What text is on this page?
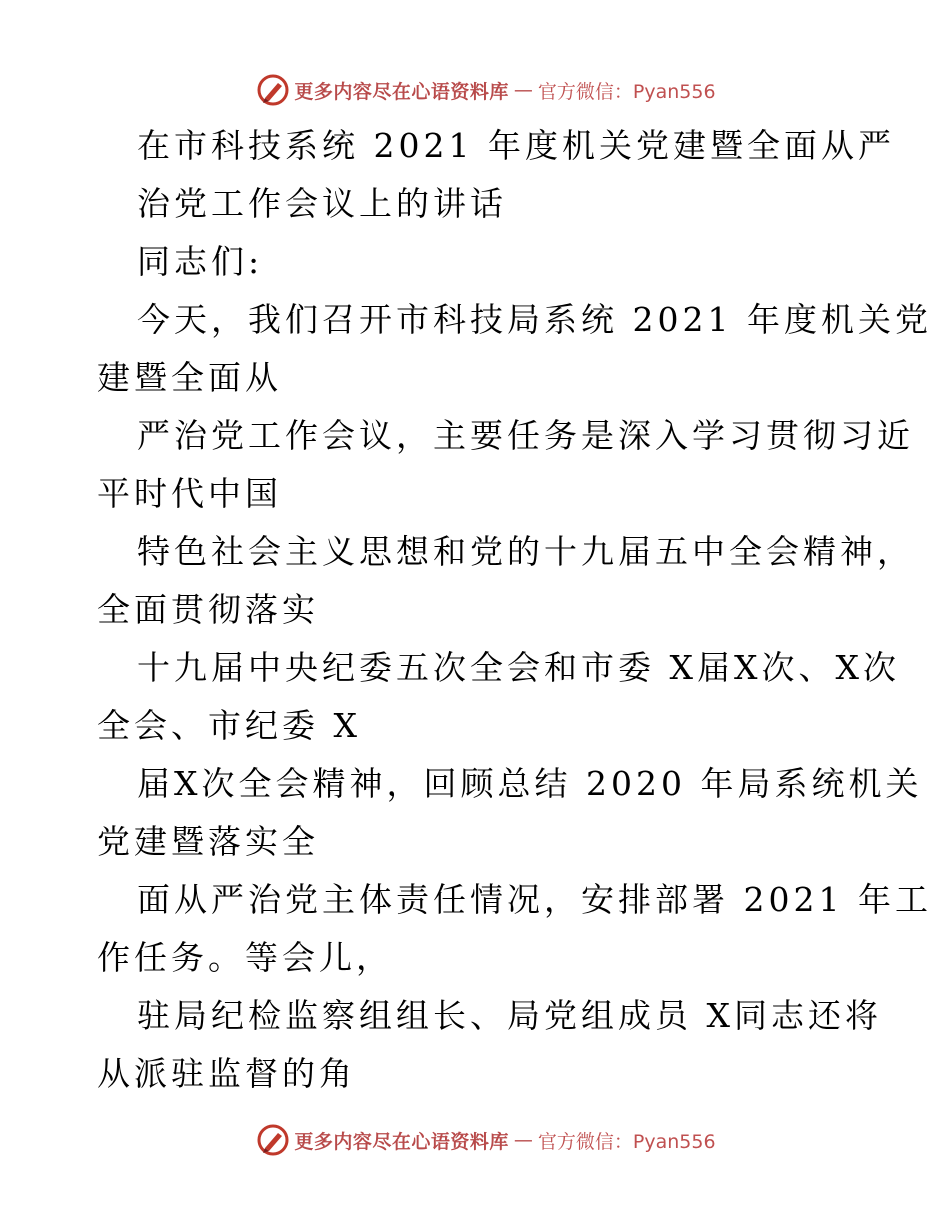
更多内容尽在心语资料库 — 官方微信：Pyan556
在市科技系统 2021 年度机关党建暨全面从严
治党工作会议上的讲话
同志们:
今天，我们召开市科技局系统 2021 年度机关党
建暨全面从
严治党工作会议，主要任务是深入学习贯彻习近
平时代中国
特色社会主义思想和党的十九届五中全会精神，
全面贯彻落实
十九届中央纪委五次全会和市委 X届X次、X次
全会、市纪委 X
届X次全会精神，回顾总结 2020 年局系统机关
党建暨落实全
面从严治党主体责任情况，安排部署 2021 年工
作任务。等会儿，
驻局纪检监察组组长、局党组成员 X同志还将
从派驻监督的角
更多内容尽在心语资料库 — 官方微信：Pyan556
